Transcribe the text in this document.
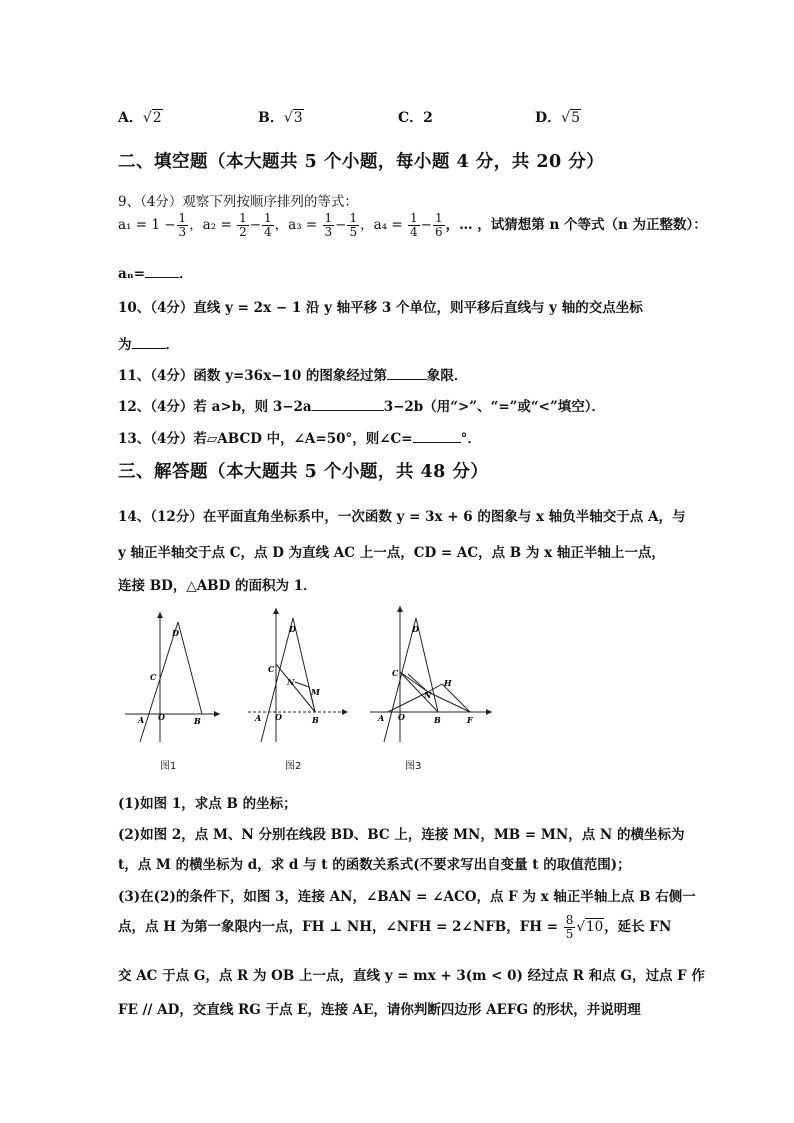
A．√2	B．√3	C．2	D．√5
二、填空题（本大题共 5 个小题，每小题 4 分，共 20 分）
9、（4分）观察下列按顺序排列的等式：
$a_1 = 1 - \frac{1}{3}$ ，$a_2 = \frac{1}{2} - \frac{1}{4}$ ，$a_3 = \frac{1}{3} - \frac{1}{5}$ ，$a_4 = \frac{1}{4} - \frac{1}{6}$ ，… ，试猜想第 n 个等式（n 为正整数）：
aₙ=	．
10、（4分）直线 y = 2x − 1 沿 y 轴平移 3 个单位，则平移后直线与 y 轴的交点坐标
为	．
11、（4分）函数 y=36x−10 的图象经过第	象限．
12、（4分）若 a>b，则 3−2a	3−2b（用“>”、“=”或“<”填空）．
13、（4分）若▱ABCD 中，∠A=50°，则∠C=	°．
三、解答题（本大题共 5 个小题，共 48 分）
14、（12分）在平面直角坐标系中，一次函数 y = 3x + 6 的图象与 x 轴负半轴交于点 A，与
y 轴正半轴交于点 C，点 D 为直线 AC 上一点，CD = AC，点 B 为 x 轴正半轴上一点，
连接 BD，△ABD 的面积为 1．
D
C
A O	B
图1
D
C
N
M
A O	B
图2
D
C
H
N
A O	B	F
图3
(1)如图 1，求点 B 的坐标；
(2)如图 2，点 M、N 分别在线段 BD、BC 上，连接 MN，MB = MN，点 N 的横坐标为
t，点 M 的横坐标为 d，求 d 与 t 的函数关系式(不要求写出自变量 t 的取值范围)；
(3)在(2)的条件下，如图 3，连接 AN，∠BAN = ∠ACO，点 F 为 x 轴正半轴上点 B 右侧一
点，点 H 为第一象限内一点，FH ⊥ NH，∠NFH = 2∠NFB，FH = $\frac{8}{5} √10$，延长 FN
交 AC 于点 G，点 R 为 OB 上一点，直线 y = mx + 3(m < 0) 经过点 R 和点 G，过点 F 作
FE // AD，交直线 RG 于点 E，连接 AE，请你判断四边形 AEFG 的形状，并说明理
